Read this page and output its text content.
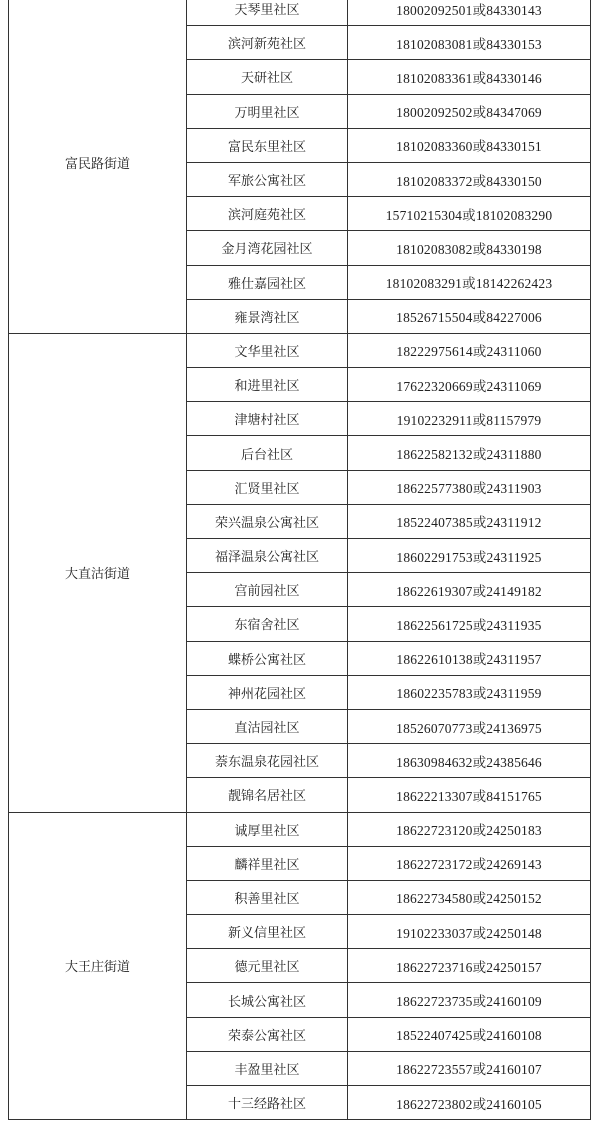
富民路街道	天琴里社区	18002092501或84330143
	滨河新苑社区	18102083081或84330153
	天研社区	18102083361或84330146
	万明里社区	18002092502或84347069
	富民东里社区	18102083360或84330151
	军旅公寓社区	18102083372或84330150
	滨河庭苑社区	15710215304或18102083290
	金月湾花园社区	18102083082或84330198
	雅仕嘉园社区	18102083291或18142262423
	雍景湾社区	18526715504或84227006
大直沽街道	文华里社区	18222975614或24311060
	和进里社区	17622320669或24311069
	津塘村社区	19102232911或81157979
	后台社区	18622582132或24311880
	汇贤里社区	18622577380或24311903
	荣兴温泉公寓社区	18522407385或24311912
	福泽温泉公寓社区	18602291753或24311925
	宫前园社区	18622619307或24149182
	东宿舍社区	18622561725或24311935
	蝶桥公寓社区	18622610138或24311957
	神州花园社区	18602235783或24311959
	直沽园社区	18526070773或24136975
	萘东温泉花园社区	18630984632或24385646
	靓锦名居社区	18622213307或84151765
大王庄街道	诚厚里社区	18622723120或24250183
	麟祥里社区	18622723172或24269143
	积善里社区	18622734580或24250152
	新义信里社区	19102233037或24250148
	德元里社区	18622723716或24250157
	长城公寓社区	18622723735或24160109
	荣泰公寓社区	18522407425或24160108
	丰盈里社区	18622723557或24160107
	十三经路社区	18622723802或24160105
